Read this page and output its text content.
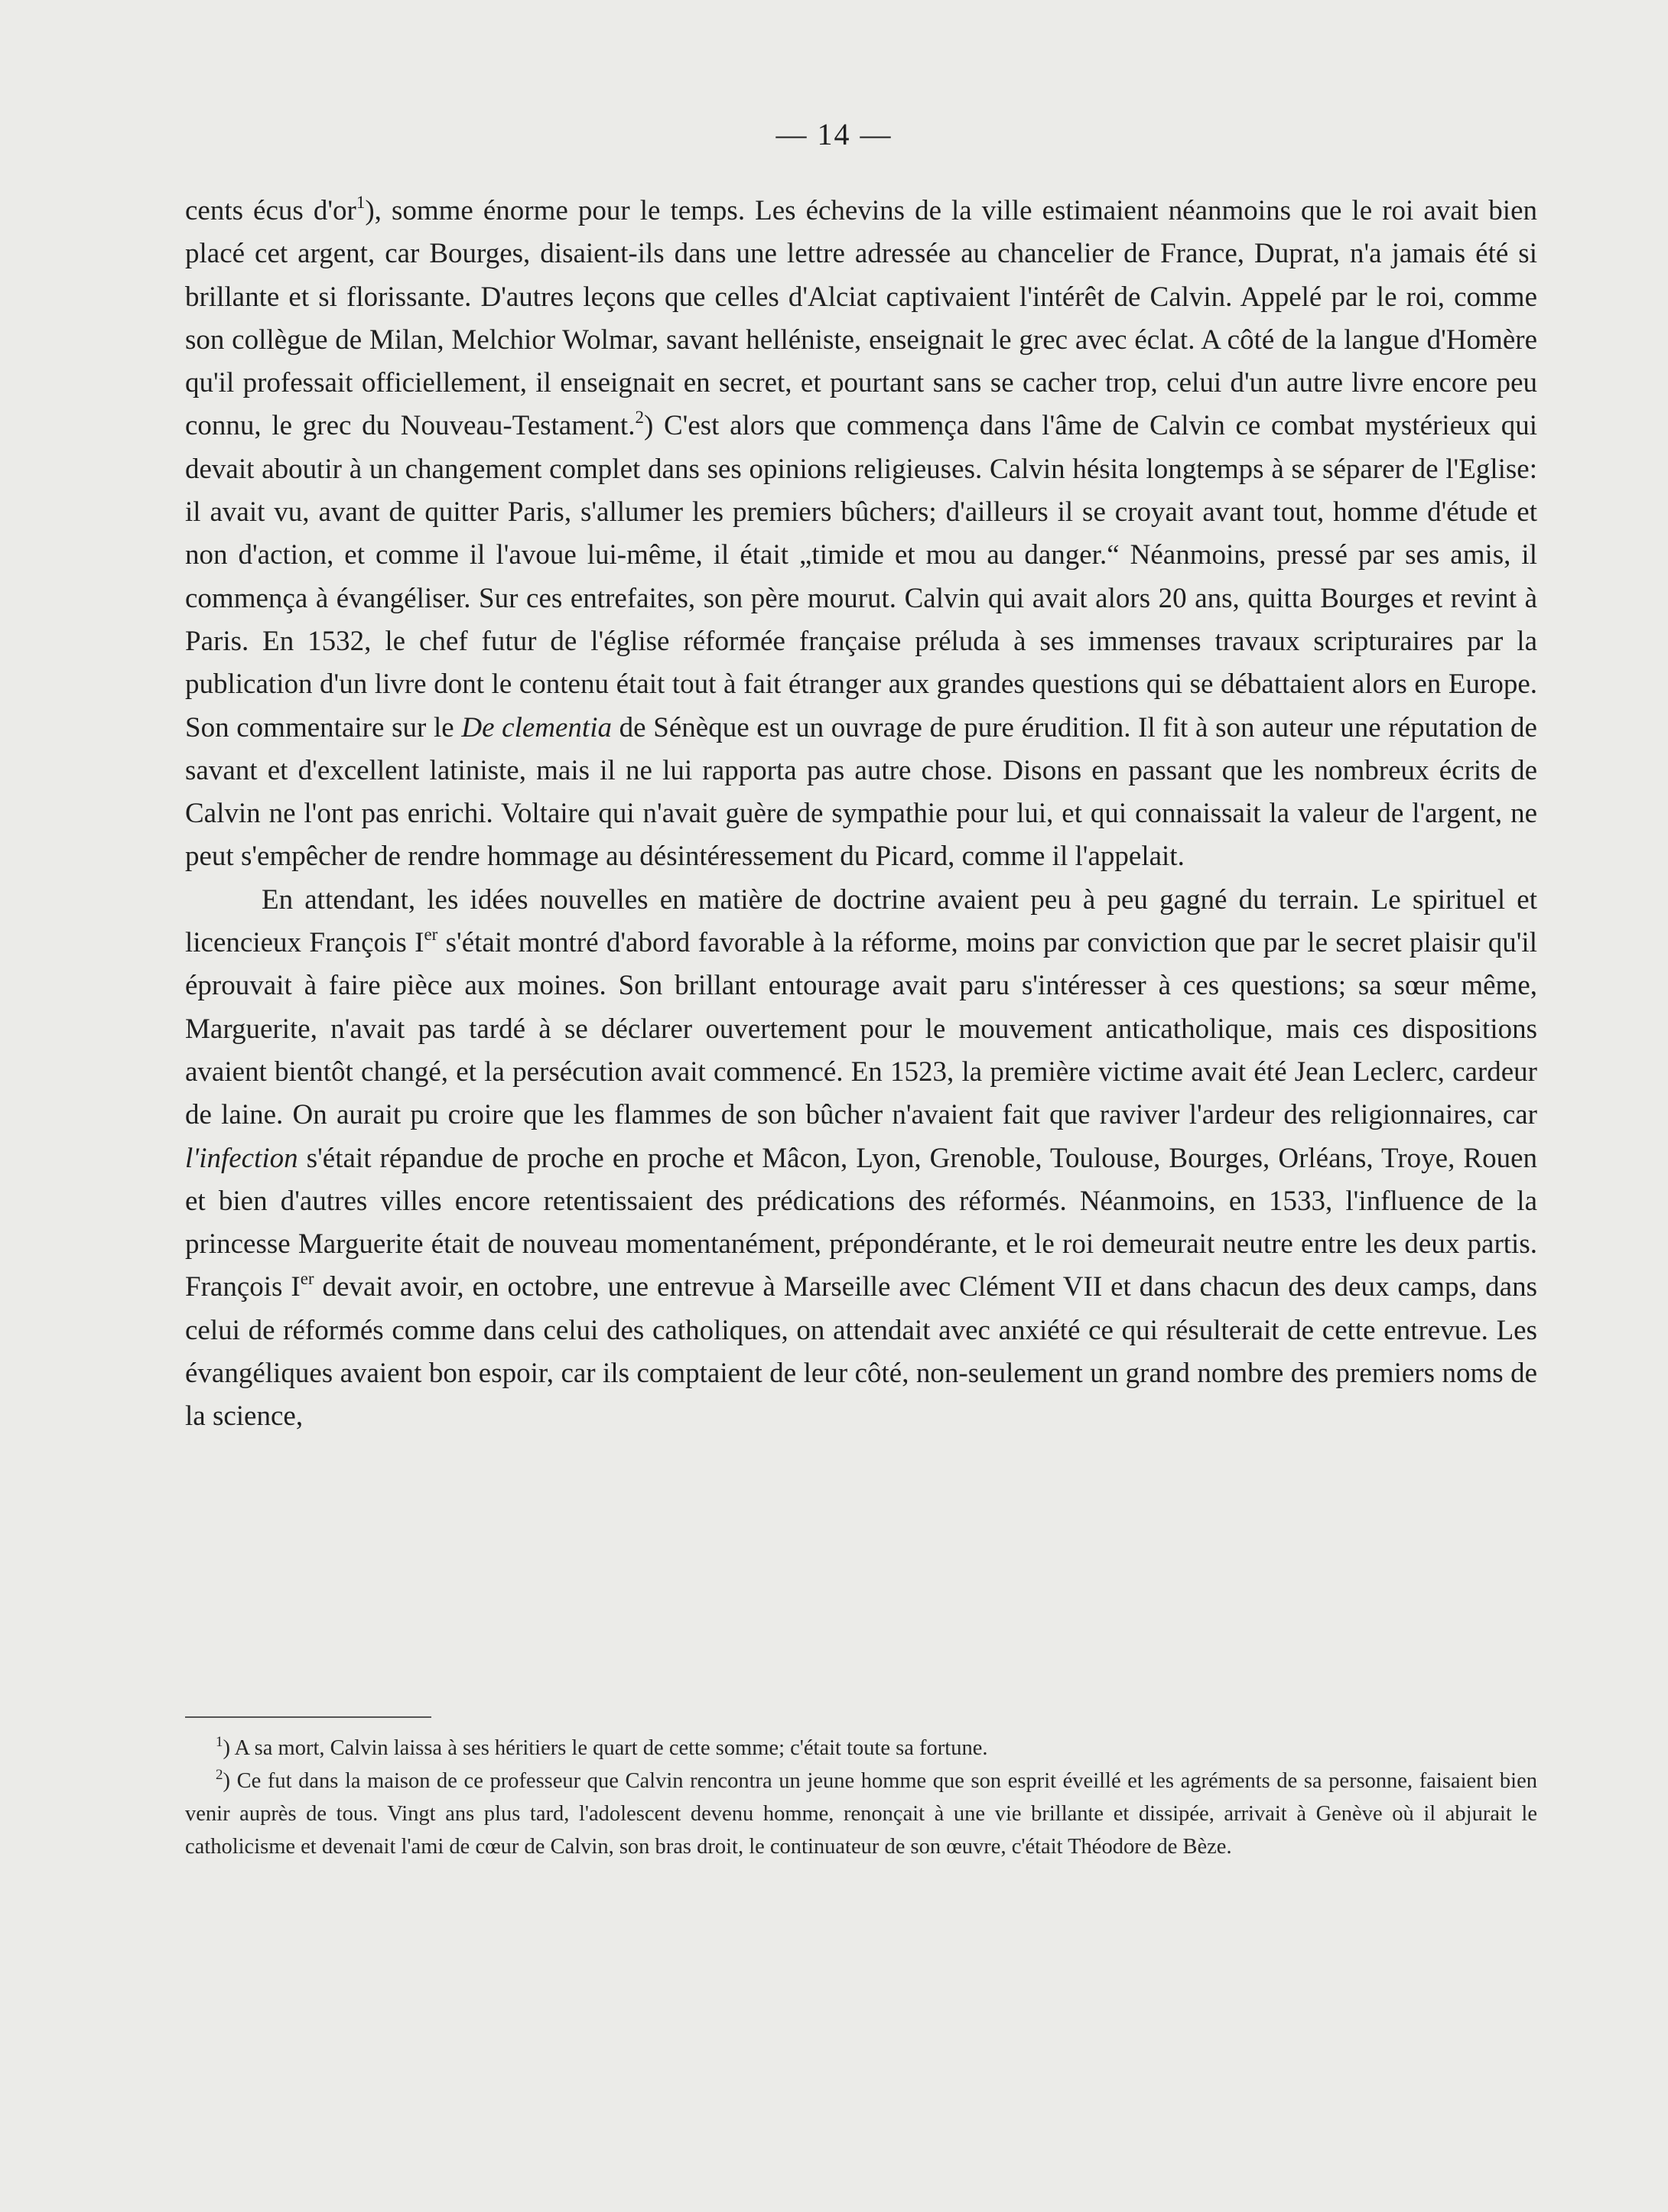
— 14 —

cents écus $d'or^1$), somme énorme pour le temps. Les échevins de la ville estimaient néanmoins que le roi avait bien placé cet argent, car Bourges, disaient-ils dans une lettre adressée au chancelier de France, Duprat, n'a jamais été si brillante et si florissante. D'autres leçons que celles d'Alciat captivaient l'intérêt de Calvin. Appelé par le roi, comme son collègue de Milan, Melchior Wolmar, savant helléniste, enseignait le grec avec éclat. A côté de la langue d'Homère qu'il professait officiellement, il enseignait en secret, et pourtant sans se cacher trop, celui d'un autre livre encore peu connu, le grec du Nouveau-Testament.$^2$) C'est alors que commença dans l'âme de Calvin ce combat mystérieux qui devait aboutir à un changement complet dans ses opinions religieuses. Calvin hésita longtemps à se séparer de l'Eglise: il avait vu, avant de quitter Paris, s'allumer les premiers bûchers; d'ailleurs il se croyait avant tout, homme d'étude et non d'action, et comme il l'avoue lui-même, il était „timide et mou au danger.“ Néanmoins, pressé par ses amis, il commença à évangéliser. Sur ces entrefaites, son père mourut. Calvin qui avait alors 20 ans, quitta Bourges et revint à Paris. En 1532, le chef futur de l'église réformée française préluda à ses immenses travaux scripturaires par la publication d'un livre dont le contenu était tout à fait étranger aux grandes questions qui se débattaient alors en Europe. Son commentaire sur le De clementia de Sénèque est un ouvrage de pure érudition. Il fit à son auteur une réputation de savant et d'excellent latiniste, mais il ne lui rapporta pas autre chose. Disons en passant que les nombreux écrits de Calvin ne l'ont pas enrichi. Voltaire qui n'avait guère de sympathie pour lui, et qui connaissait la valeur de l'argent, ne peut s'empêcher de rendre hommage au désintéressement du Picard, comme il l'appelait.

En attendant, les idées nouvelles en matière de doctrine avaient peu à peu gagné du terrain. Le spirituel et licencieux François Ier s'était montré d'abord favorable à la réforme, moins par conviction que par le secret plaisir qu'il éprouvait à faire pièce aux moines. Son brillant entourage avait paru s'intéresser à ces questions; sa sœur même, Marguerite, n'avait pas tardé à se déclarer ouvertement pour le mouvement anticatholique, mais ces dispositions avaient bientôt changé, et la persécution avait commencé. En 1523, la première victime avait été Jean Leclerc, cardeur de laine. On aurait pu croire que les flammes de son bûcher n'avaient fait que raviver l'ardeur des religionnaires, car l'infection s'était répandue de proche en proche et Mâcon, Lyon, Grenoble, Toulouse, Bourges, Orléans, Troye, Rouen et bien d'autres villes encore retentissaient des prédications des réformés. Néanmoins, en 1533, l'influence de la princesse Marguerite était de nouveau momentanément, prépondérante, et le roi demeurait neutre entre les deux partis. François Ier devait avoir, en octobre, une entrevue à Marseille avec Clément VII et dans chacun des deux camps, dans celui de réformés comme dans celui des catholiques, on attendait avec anxiété ce qui résulterait de cette entrevue. Les évangéliques avaient bon espoir, car ils comptaient de leur côté, non-seulement un grand nombre des premiers noms de la science,

$^1$) A sa mort, Calvin laissa à ses héritiers le quart de cette somme; c'était toute sa fortune.

$^2$) Ce fut dans la maison de ce professeur que Calvin rencontra un jeune homme que son esprit éveillé et les agréments de sa personne, faisaient bien venir auprès de tous. Vingt ans plus tard, l'adolescent devenu homme, renonçait à une vie brillante et dissipée, arrivait à Genève où il abjurait le catholicisme et devenait l'ami de cœur de Calvin, son bras droit, le continuateur de son œuvre, c'était Théodore de Bèze.
